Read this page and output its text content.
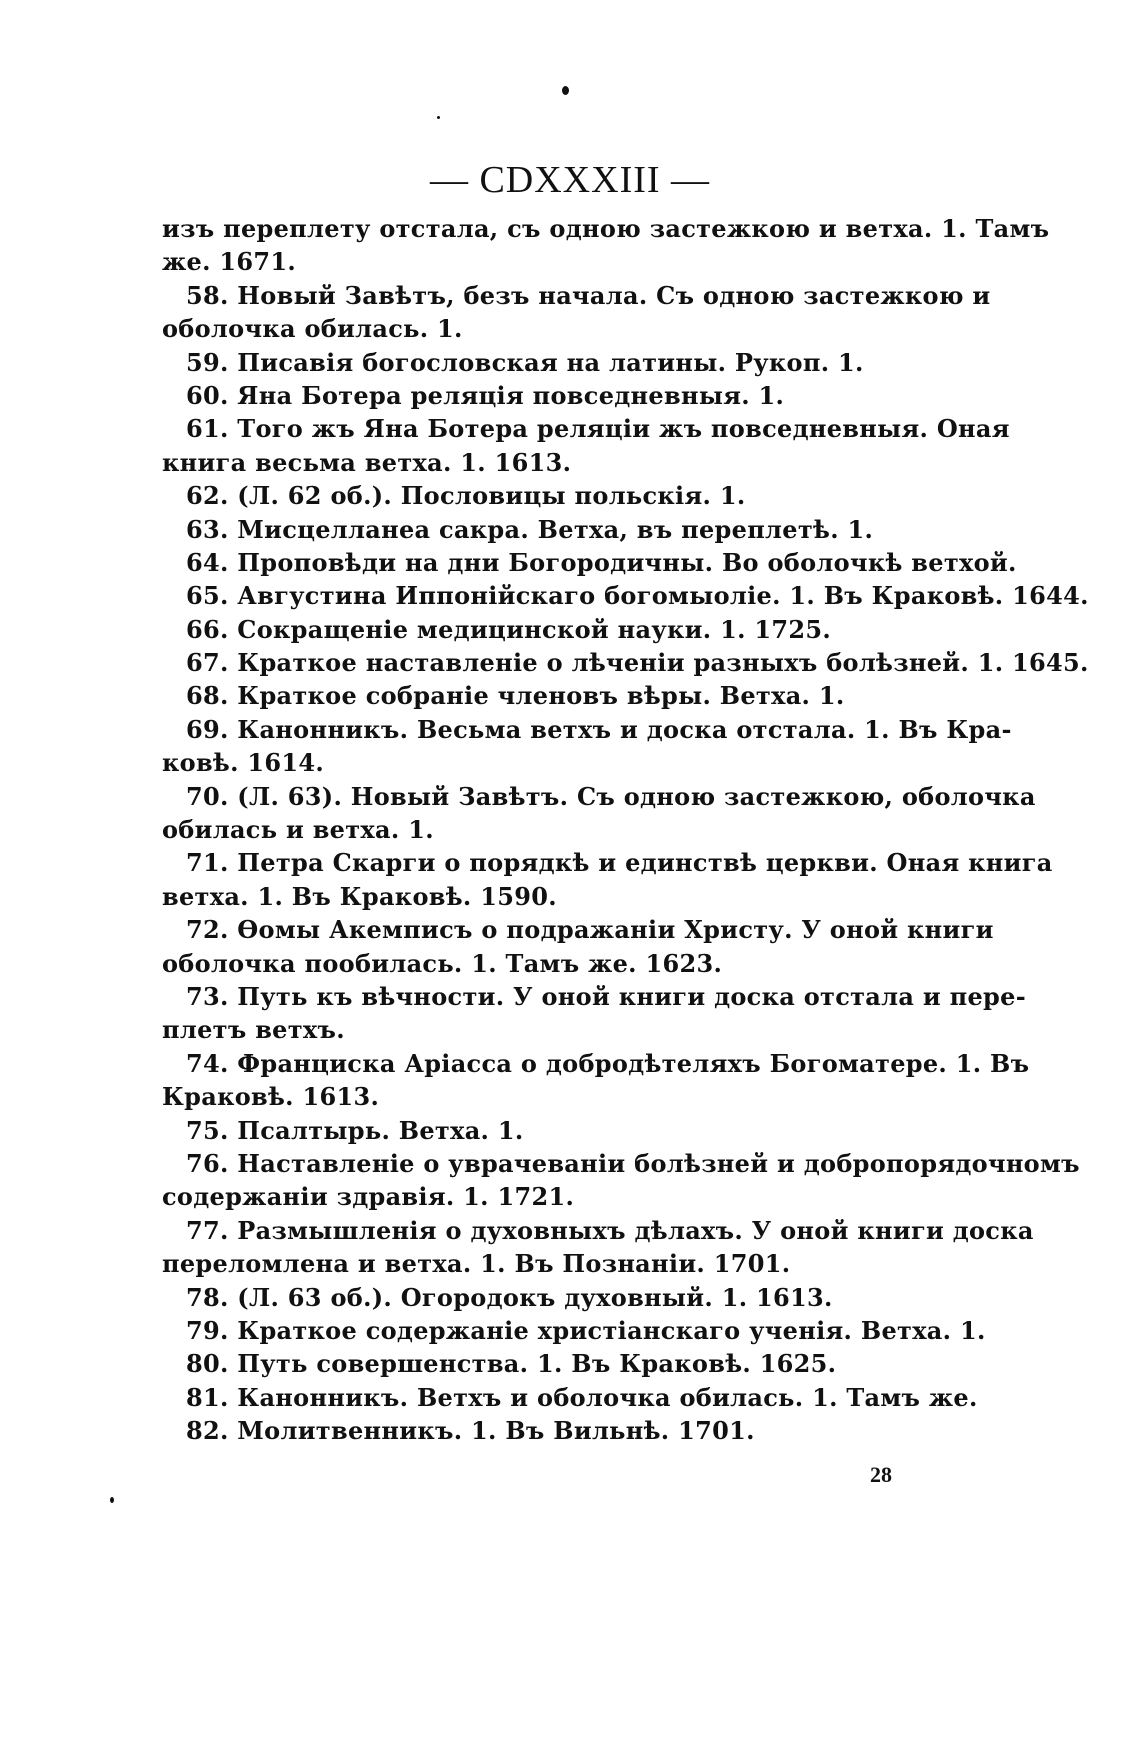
— CDXXXIII —
изъ переплету отстала, съ одною застежкою и ветха. 1. Тамъ
же. 1671.
58. Новый Завѣтъ, безъ начала. Съ одною застежкою и
оболочка обилась. 1.
59. Писавія богословская на латины. Рукоп. 1.
60. Яна Ботера реляція повседневныя. 1.
61. Того жъ Яна Ботера реляціи жъ повседневныя. Оная
книга весьма ветха. 1. 1613.
62. (Л. 62 об.). Пословицы польскія. 1.
63. Мисцелланеа сакра. Ветха, въ переплетѣ. 1.
64. Проповѣди на дни Богородичны. Во оболочкѣ ветхой.
65. Августина Иппонійскаго богомыоліе. 1. Въ Краковѣ. 1644.
66. Сокращеніе медицинской науки. 1. 1725.
67. Краткое наставленіе о лѣченіи разныхъ болѣзней. 1. 1645.
68. Краткое собраніе членовъ вѣры. Ветха. 1.
69. Канонникъ. Весьма ветхъ и доска отстала. 1. Въ Кра-
ковѣ. 1614.
70. (Л. 63). Новый Завѣтъ. Съ одною застежкою, оболочка
обилась и ветха. 1.
71. Петра Скарги о порядкѣ и единствѣ церкви. Оная книга
ветха. 1. Въ Краковѣ. 1590.
72. Ѳомы Акемписъ о подражаніи Христу. У оной книги
оболочка пообилась. 1. Тамъ же. 1623.
73. Путь къ вѣчности. У оной книги доска отстала и пере-
плетъ ветхъ.
74. Франциска Аріасса о добродѣтеляхъ Богоматере. 1. Въ
Краковѣ. 1613.
75. Псалтырь. Ветха. 1.
76. Наставленіе о уврачеваніи болѣзней и добропорядочномъ
содержаніи здравія. 1. 1721.
77. Размышленія о духовныхъ дѣлахъ. У оной книги доска
переломлена и ветха. 1. Въ Познаніи. 1701.
78. (Л. 63 об.). Огородокъ духовный. 1. 1613.
79. Краткое содержаніе христіанскаго ученія. Ветха. 1.
80. Путь совершенства. 1. Въ Краковѣ. 1625.
81. Канонникъ. Ветхъ и оболочка обилась. 1. Тамъ же.
82. Молитвенникъ. 1. Въ Вильнѣ. 1701.
28
